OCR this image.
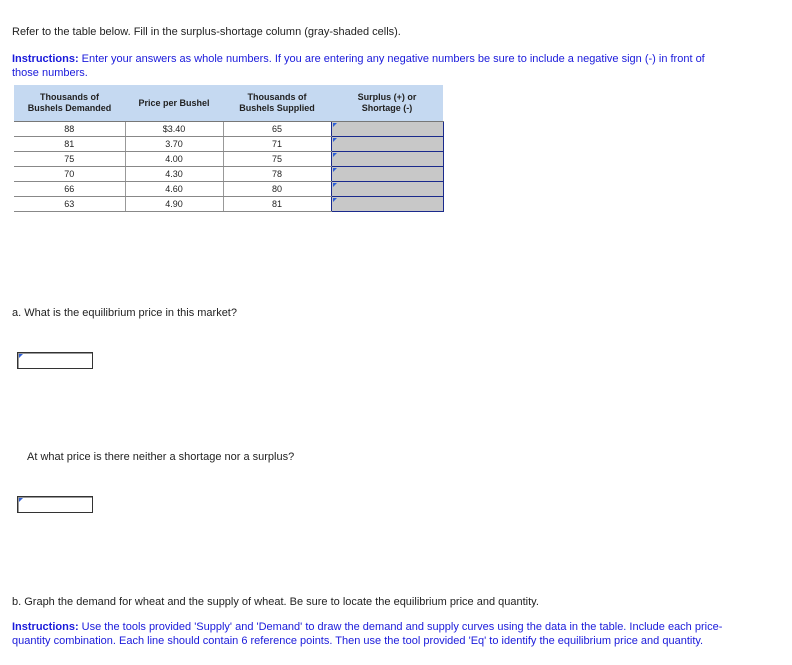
Refer to the table below. Fill in the surplus-shortage column (gray-shaded cells).
Instructions: Enter your answers as whole numbers. If you are entering any negative numbers be sure to include a negative sign (-) in front of those numbers.
Thousands of
Bushels Demanded	Price per Bushel	Thousands of
Bushels Supplied	Surplus (+) or
Shortage (-)
88	$3.40	65	

81	3.70	71	

75	4.00	75	

70	4.30	78	

66	4.60	80	

63	4.90	81	
a. What is the equilibrium price in this market?
At what price is there neither a shortage nor a surplus?
b. Graph the demand for wheat and the supply of wheat. Be sure to locate the equilibrium price and quantity.
Instructions: Use the tools provided 'Supply' and 'Demand' to draw the demand and supply curves using the data in the table. Include each price-quantity combination. Each line should contain 6 reference points. Then use the tool provided 'Eq' to identify the equilibrium price and quantity.
